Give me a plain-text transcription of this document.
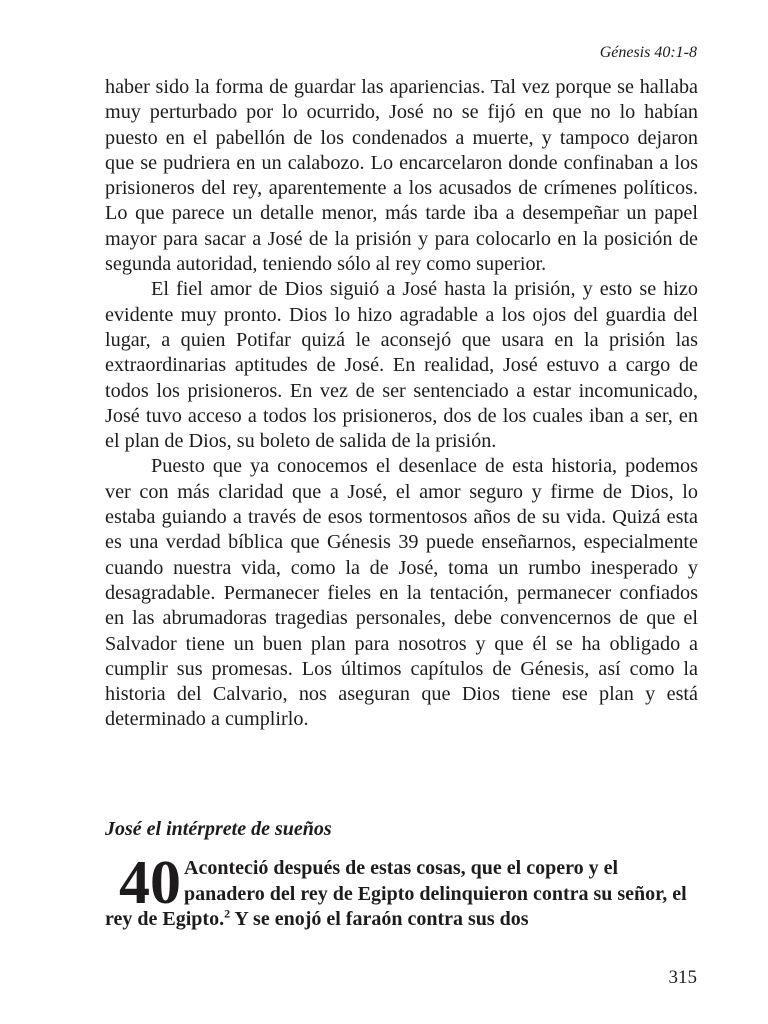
Génesis 40:1-8

haber sido la forma de guardar las apariencias. Tal vez porque se hallaba muy perturbado por lo ocurrido, José no se fijó en que no lo habían puesto en el pabellón de los condenados a muerte, y tampoco dejaron que se pudriera en un calabozo. Lo encarcelaron donde confinaban a los prisioneros del rey, aparentemente a los acusados de crímenes políticos. Lo que parece un detalle menor, más tarde iba a desempeñar un papel mayor para sacar a José de la prisión y para colocarlo en la posición de segunda autoridad, teniendo sólo al rey como superior.

El fiel amor de Dios siguió a José hasta la prisión, y esto se hizo evidente muy pronto. Dios lo hizo agradable a los ojos del guardia del lugar, a quien Potifar quizá le aconsejó que usara en la prisión las extraordinarias aptitudes de José. En realidad, José estuvo a cargo de todos los prisioneros. En vez de ser sentenciado a estar incomunicado, José tuvo acceso a todos los prisioneros, dos de los cuales iban a ser, en el plan de Dios, su boleto de salida de la prisión.

Puesto que ya conocemos el desenlace de esta historia, podemos ver con más claridad que a José, el amor seguro y firme de Dios, lo estaba guiando a través de esos tormentosos años de su vida. Quizá esta es una verdad bíblica que Génesis 39 puede enseñarnos, especialmente cuando nuestra vida, como la de José, toma un rumbo inesperado y desagradable. Permanecer fieles en la tentación, permanecer confiados en las abrumadoras tragedias personales, debe convencernos de que el Salvador tiene un buen plan para nosotros y que él se ha obligado a cumplir sus promesas. Los últimos capítulos de Génesis, así como la historia del Calvario, nos aseguran que Dios tiene ese plan y está determinado a cumplirlo.

José el intérprete de sueños
40 Aconteció después de estas cosas, que el copero y el panadero del rey de Egipto delinquieron contra su señor, el rey de Egipto.$^2$ Y se enojó el faraón contra sus dos
315
